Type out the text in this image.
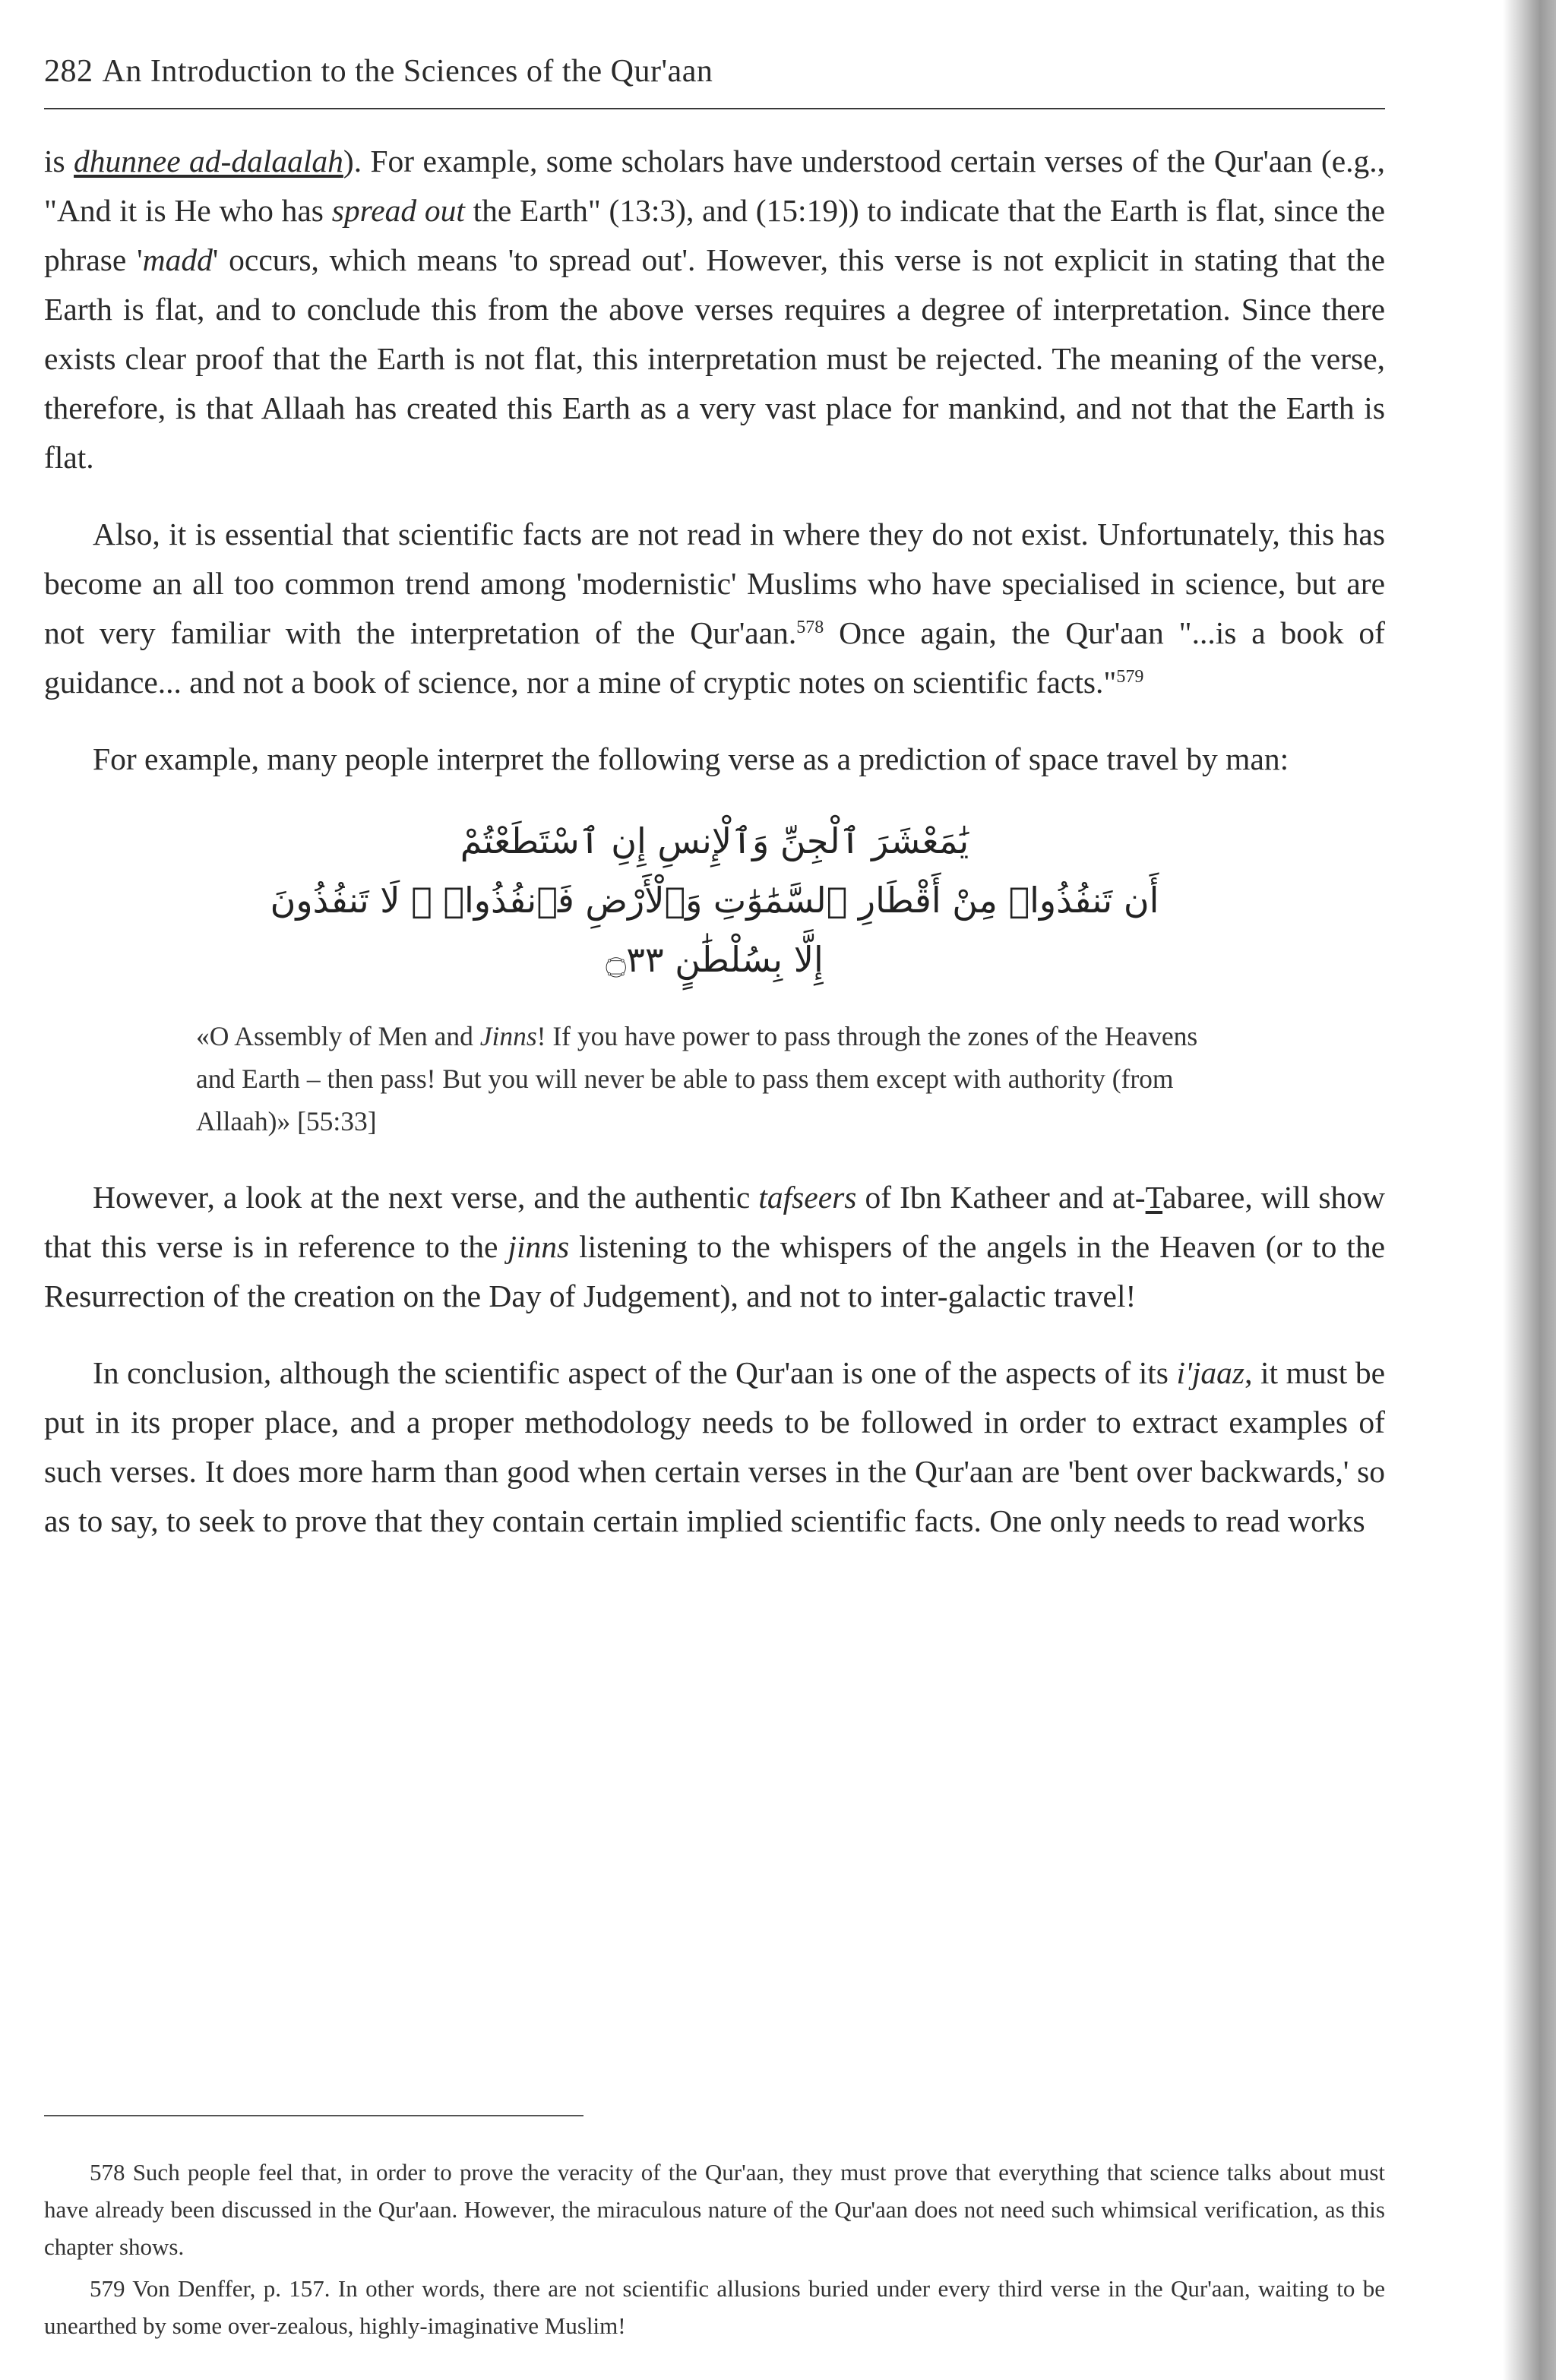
282 An Introduction to the Sciences of the Qur'aan

is dhunnee ad-dalaalah). For example, some scholars have understood certain verses of the Qur'aan (e.g., "And it is He who has spread out the Earth" (13:3), and (15:19)) to indicate that the Earth is flat, since the phrase 'madd' occurs, which means 'to spread out'. However, this verse is not explicit in stating that the Earth is flat, and to conclude this from the above verses requires a degree of interpretation. Since there exists clear proof that the Earth is not flat, this interpretation must be rejected. The meaning of the verse, therefore, is that Allaah has created this Earth as a very vast place for mankind, and not that the Earth is flat.

Also, it is essential that scientific facts are not read in where they do not exist. Unfortunately, this has become an all too common trend among 'modernistic' Muslims who have specialised in science, but are not very familiar with the interpretation of the Qur'aan.$^{578}$ Once again, the Qur'aan "...is a book of guidance... and not a book of science, nor a mine of cryptic notes on scientific facts."$^{579}$

For example, many people interpret the following verse as a prediction of space travel by man:

يَٰمَعْشَرَ ٱلْجِنِّ وَٱلْإِنسِ إِنِ ٱسْتَطَعْتُمْ
أَن تَنفُذُوا۟ مِنْ أَقْطَارِ ٱلسَّمَٰوَٰتِ وَٱلْأَرْضِ فَٱنفُذُوا۟ ۚ لَا تَنفُذُونَ
إِلَّا بِسُلْطَٰنٍ ۝٣٣
«O Assembly of Men and Jinns! If you have power to pass through the zones of the Heavens and Earth – then pass! But you will never be able to pass them except with authority (from Allaah)» [55:33]

However, a look at the next verse, and the authentic tafseers of Ibn Katheer and at-Tabaree, will show that this verse is in reference to the jinns listening to the whispers of the angels in the Heaven (or to the Resurrection of the creation on the Day of Judgement), and not to inter-galactic travel!

In conclusion, although the scientific aspect of the Qur'aan is one of the aspects of its i'jaaz, it must be put in its proper place, and a proper methodology needs to be followed in order to extract examples of such verses. It does more harm than good when certain verses in the Qur'aan are 'bent over backwards,' so as to say, to seek to prove that they contain certain implied scientific facts. One only needs to read works

578 Such people feel that, in order to prove the veracity of the Qur'aan, they must prove that everything that science talks about must have already been discussed in the Qur'aan. However, the miraculous nature of the Qur'aan does not need such whimsical verification, as this chapter shows.

579 Von Denffer, p. 157. In other words, there are not scientific allusions buried under every third verse in the Qur'aan, waiting to be unearthed by some over-zealous, highly-imaginative Muslim!
